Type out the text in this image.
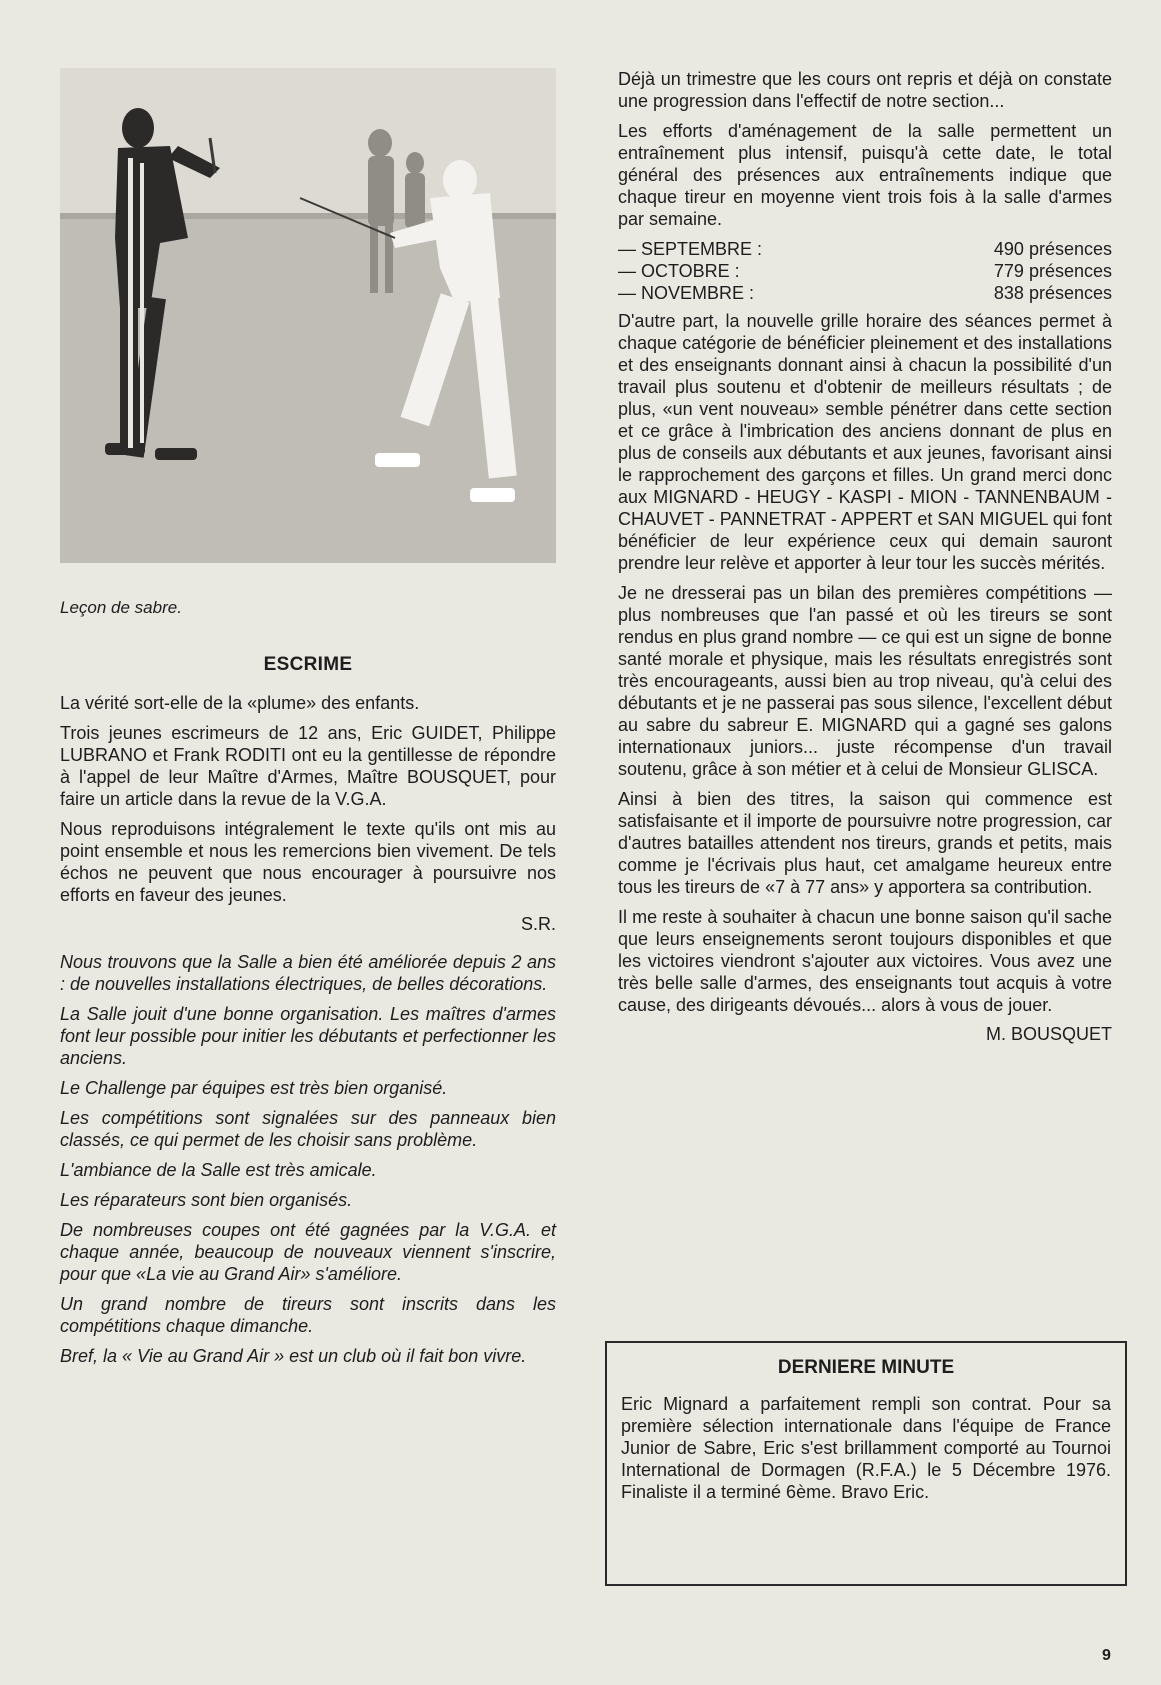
Leçon de sabre.
ESCRIME

La vérité sort-elle de la «plume» des enfants.

Trois jeunes escrimeurs de 12 ans, Eric GUIDET, Philippe LUBRANO et Frank RODITI ont eu la gentillesse de répondre à l'appel de leur Maître d'Armes, Maître BOUSQUET, pour faire un article dans la revue de la V.G.A.

Nous reproduisons intégralement le texte qu'ils ont mis au point ensemble et nous les remercions bien vivement. De tels échos ne peuvent que nous encourager à poursuivre nos efforts en faveur des jeunes.

S.R.

Nous trouvons que la Salle a bien été améliorée depuis 2 ans : de nouvelles installations électriques, de belles décorations.

La Salle jouit d'une bonne organisation. Les maîtres d'armes font leur possible pour initier les débutants et perfectionner les anciens.

Le Challenge par équipes est très bien organisé.

Les compétitions sont signalées sur des panneaux bien classés, ce qui permet de les choisir sans problème.

L'ambiance de la Salle est très amicale.

Les réparateurs sont bien organisés.

De nombreuses coupes ont été gagnées par la V.G.A. et chaque année, beaucoup de nouveaux viennent s'inscrire, pour que «La vie au Grand Air» s'améliore.

Un grand nombre de tireurs sont inscrits dans les compétitions chaque dimanche.

Bref, la « Vie au Grand Air » est un club où il fait bon vivre.

Déjà un trimestre que les cours ont repris et déjà on constate une progression dans l'effectif de notre section...

Les efforts d'aménagement de la salle permettent un entraînement plus intensif, puisqu'à cette date, le total général des présences aux entraînements indique que chaque tireur en moyenne vient trois fois à la salle d'armes par semaine.

— SEPTEMBRE :	490 présences
— OCTOBRE :	779 présences
— NOVEMBRE :	838 présences

D'autre part, la nouvelle grille horaire des séances permet à chaque catégorie de bénéficier pleinement et des installations et des enseignants donnant ainsi à chacun la possibilité d'un travail plus soutenu et d'obtenir de meilleurs résultats ; de plus, «un vent nouveau» semble pénétrer dans cette section et ce grâce à l'imbrication des anciens donnant de plus en plus de conseils aux débutants et aux jeunes, favorisant ainsi le rapprochement des garçons et filles. Un grand merci donc aux MIGNARD - HEUGY - KASPI - MION - TANNENBAUM - CHAUVET - PANNETRAT - APPERT et SAN MIGUEL qui font bénéficier de leur expérience ceux qui demain sauront prendre leur relève et apporter à leur tour les succès mérités.

Je ne dresserai pas un bilan des premières compétitions — plus nombreuses que l'an passé et où les tireurs se sont rendus en plus grand nombre — ce qui est un signe de bonne santé morale et physique, mais les résultats enregistrés sont très encourageants, aussi bien au trop niveau, qu'à celui des débutants et je ne passerai pas sous silence, l'excellent début au sabre du sabreur E. MIGNARD qui a gagné ses galons internationaux juniors... juste récompense d'un travail soutenu, grâce à son métier et à celui de Monsieur GLISCA.

Ainsi à bien des titres, la saison qui commence est satisfaisante et il importe de poursuivre notre progression, car d'autres batailles attendent nos tireurs, grands et petits, mais comme je l'écrivais plus haut, cet amalgame heureux entre tous les tireurs de «7 à 77 ans» y apportera sa contribution.

Il me reste à souhaiter à chacun une bonne saison qu'il sache que leurs enseignements seront toujours disponibles et que les victoires viendront s'ajouter aux victoires. Vous avez une très belle salle d'armes, des enseignants tout acquis à votre cause, des dirigeants dévoués... alors à vous de jouer.

M. BOUSQUET
DERNIERE MINUTE

Eric Mignard a parfaitement rempli son contrat. Pour sa première sélection internationale dans l'équipe de France Junior de Sabre, Eric s'est brillamment comporté au Tournoi International de Dormagen (R.F.A.) le 5 Décembre 1976. Finaliste il a terminé 6ème. Bravo Eric.

9
